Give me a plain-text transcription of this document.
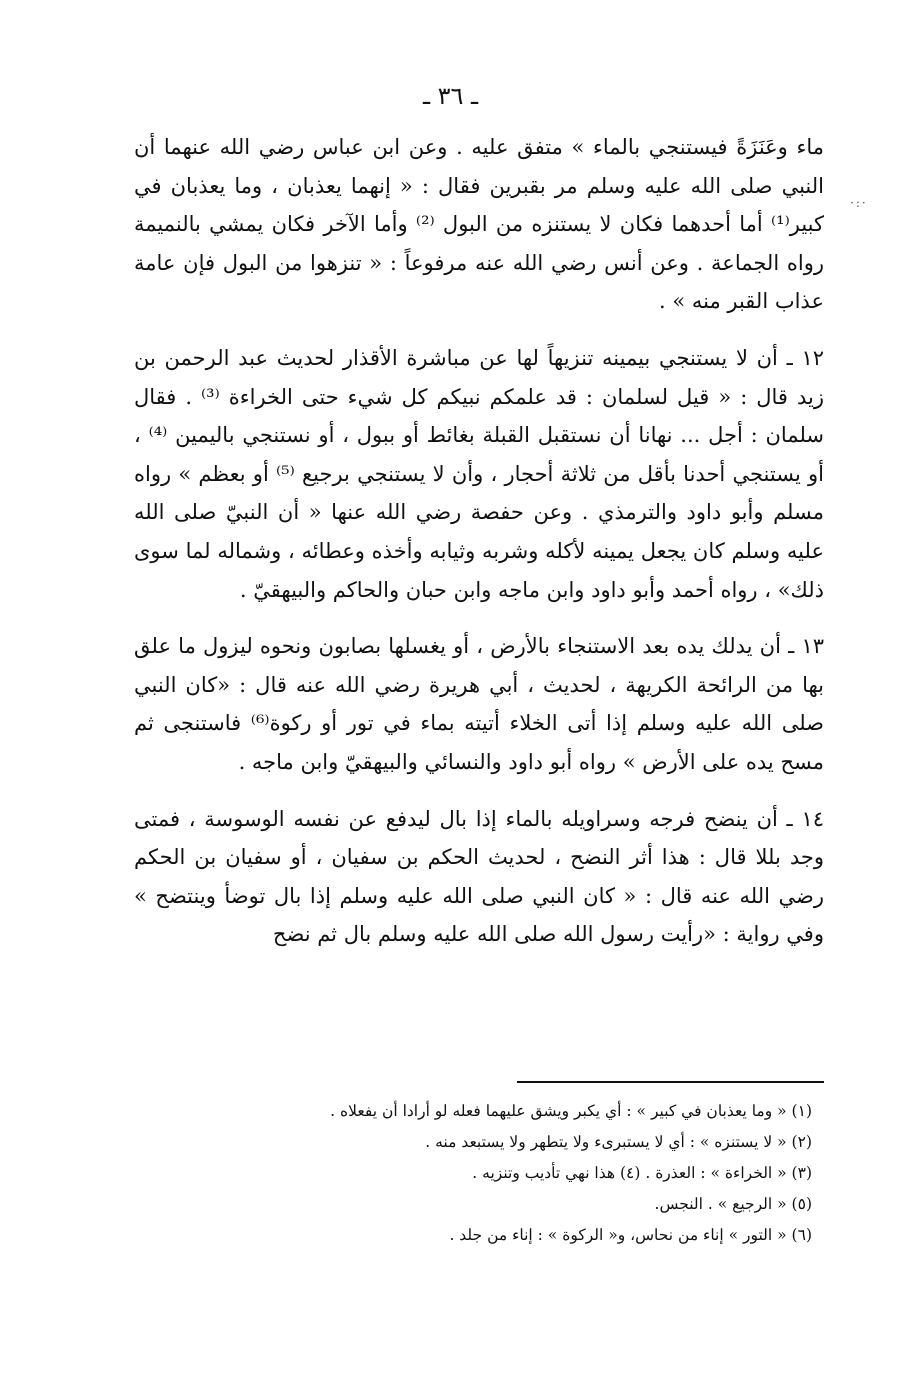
ـ ٣٦ ـ
·:·

ماء وعَنَزَةً فيستنجي بالماء » متفق عليه . وعن ابن عباس رضي الله عنهما أن النبي صلى الله عليه وسلم مر بقبرين فقال : « إنهما يعذبان ، وما يعذبان في كبير⁽¹⁾ أما أحدهما فكان لا يستنزه من البول ⁽²⁾ وأما الآخر فكان يمشي بالنميمة رواه الجماعة . وعن أنس رضي الله عنه مرفوعاً : « تنزهوا من البول فإن عامة عذاب القبر منه » .

١٢ ـ أن لا يستنجي بيمينه تنزيهاً لها عن مباشرة الأقذار لحديث عبد الرحمن بن زيد قال : « قيل لسلمان : قد علمكم نبيكم كل شيء حتى الخراءة ⁽³⁾ . فقال سلمان : أجل ... نهانا أن نستقبل القبلة بغائط أو ببول ، أو نستنجي باليمين ⁽⁴⁾ ، أو يستنجي أحدنا بأقل من ثلاثة أحجار ، وأن لا يستنجي برجيع ⁽⁵⁾ أو بعظم » رواه مسلم وأبو داود والترمذي . وعن حفصة رضي الله عنها « أن النبيّ صلى الله عليه وسلم كان يجعل يمينه لأكله وشربه وثيابه وأخذه وعطائه ، وشماله لما سوى ذلك» ، رواه أحمد وأبو داود وابن ماجه وابن حبان والحاكم والبيهقيّ .

١٣ ـ أن يدلك يده بعد الاستنجاء بالأرض ، أو يغسلها بصابون ونحوه ليزول ما علق بها من الرائحة الكريهة ، لحديث ، أبي هريرة رضي الله عنه قال : «كان النبي صلى الله عليه وسلم إذا أتى الخلاء أتيته بماء في تور أو ركوة⁽⁶⁾ فاستنجى ثم مسح يده على الأرض » رواه أبو داود والنسائي والبيهقيّ وابن ماجه .

١٤ ـ أن ينضح فرجه وسراويله بالماء إذا بال ليدفع عن نفسه الوسوسة ، فمتى وجد بللا قال : هذا أثر النضح ، لحديث الحكم بن سفيان ، أو سفيان بن الحكم رضي الله عنه قال : « كان النبي صلى الله عليه وسلم إذا بال توضأ وينتضح » وفي رواية : «رأيت رسول الله صلى الله عليه وسلم بال ثم نضح

(١) « وما يعذبان في كبير » : أي يكبر ويشق عليهما فعله لو أرادا أن يفعلاه .

(٢) « لا يستنزه » : أي لا يستبرىء ولا يتطهر ولا يستبعد منه .

(٣) « الخراءة » : العذرة . (٤) هذا نهي تأديب وتنزيه .

(٥) « الرجيع » . النجس.

(٦) « التور » إناء من نحاس، و« الركوة » : إناء من جلد .
